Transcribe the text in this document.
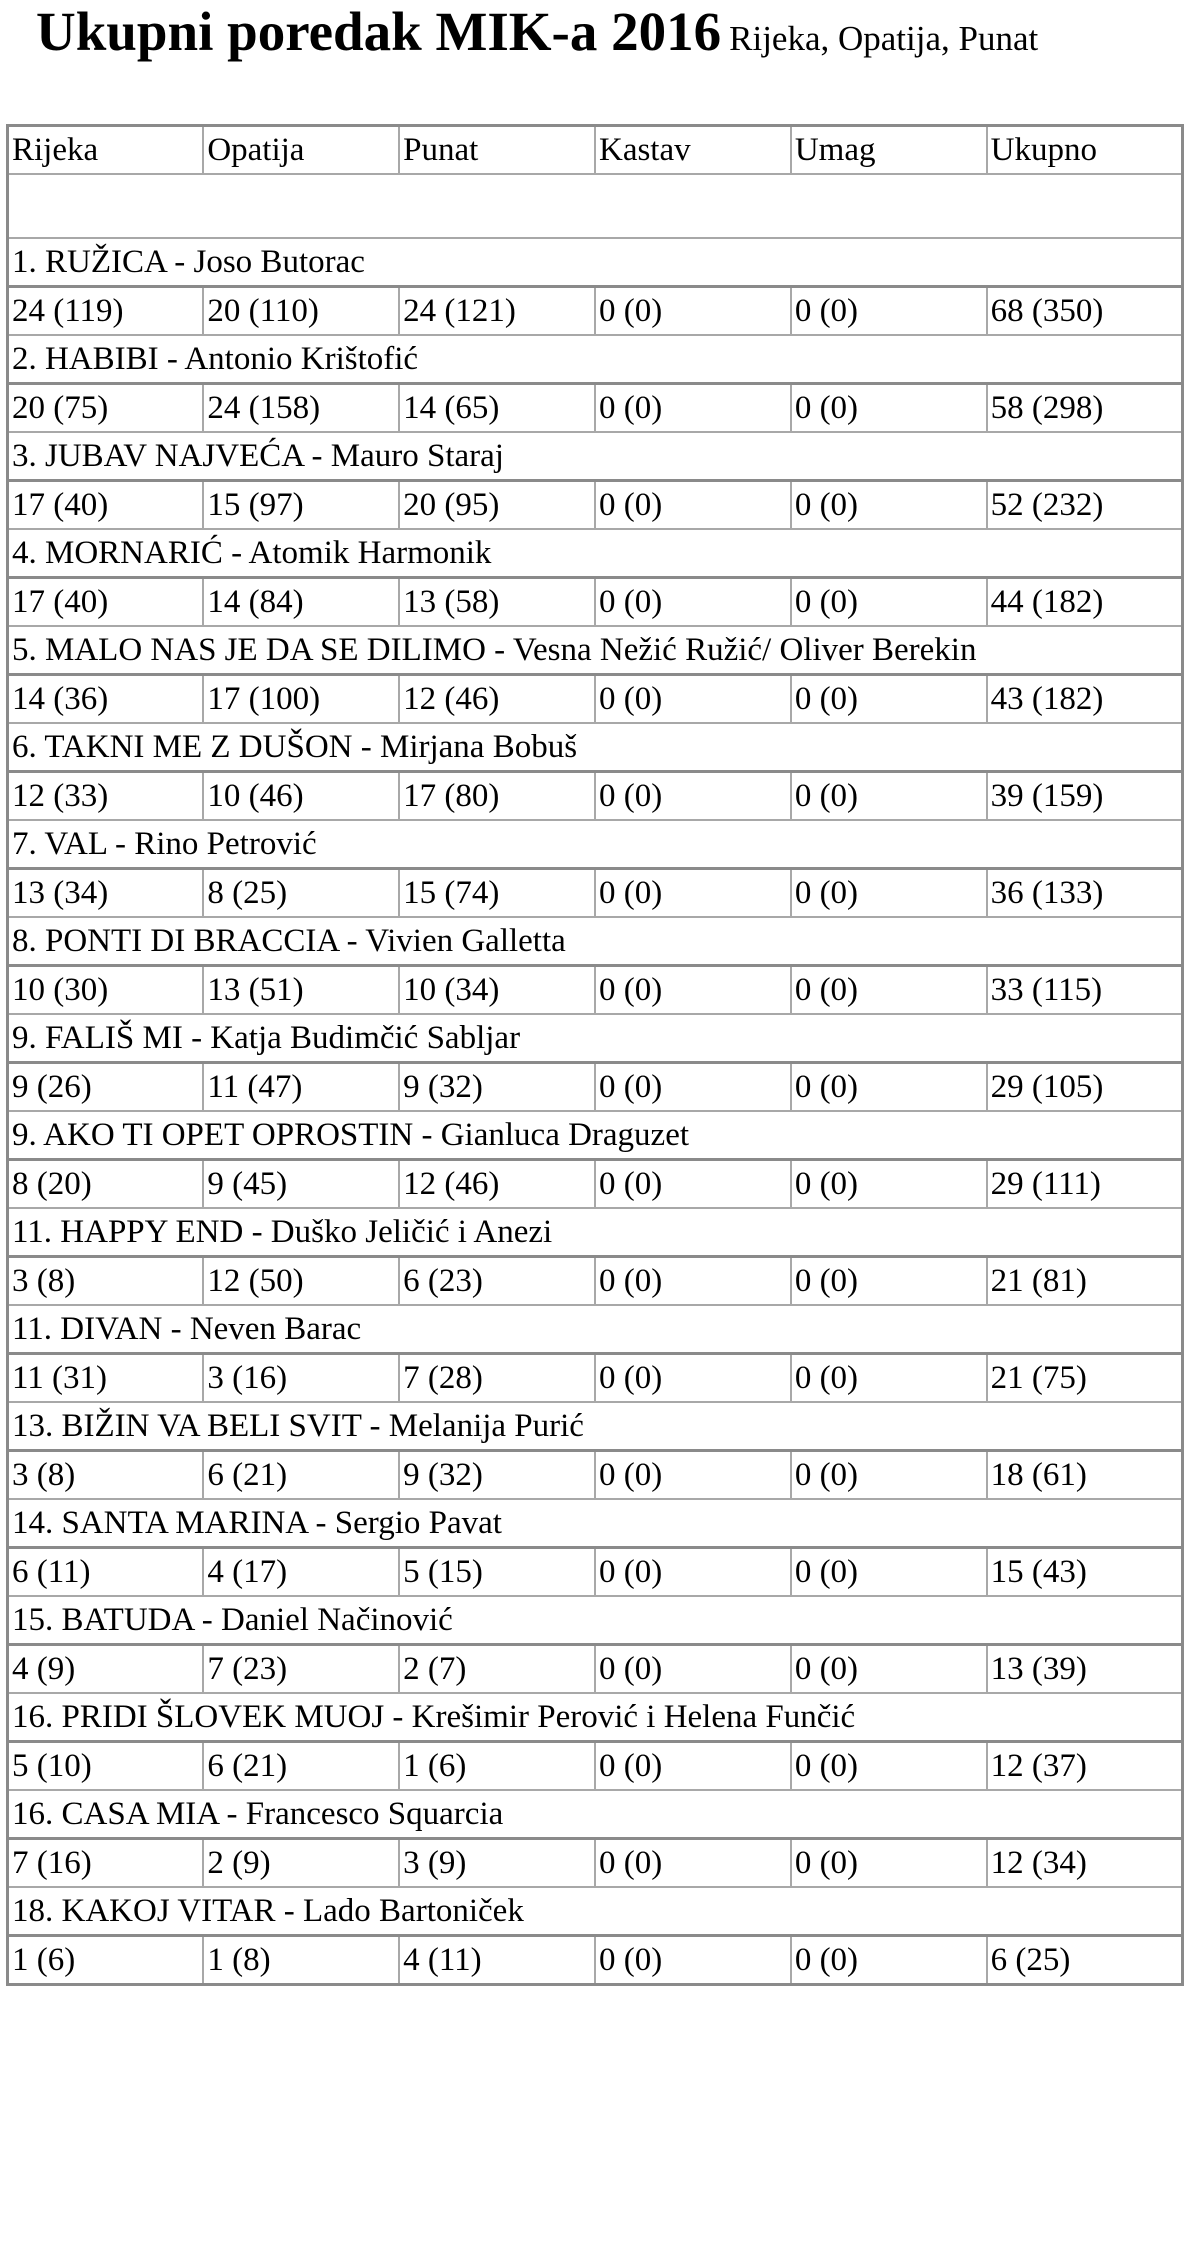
Ukupni poredak MIK-a 2016 Rijeka, Opatija, Punat
Rijeka	Opatija	Punat	Kastav	Umag	Ukupno

1. RUŽICA - Joso Butorac					
24 (119)	20 (110)	24 (121)	0 (0)	0 (0)	68 (350)
2. HABIBI - Antonio Krištofić					
20 (75)	24 (158)	14 (65)	0 (0)	0 (0)	58 (298)
3. JUBAV NAJVEĆA - Mauro Staraj					
17 (40)	15 (97)	20 (95)	0 (0)	0 (0)	52 (232)
4. MORNARIĆ - Atomik Harmonik					
17 (40)	14 (84)	13 (58)	0 (0)	0 (0)	44 (182)
5. MALO NAS JE DA SE DILIMO - Vesna Nežić Ružić/ Oliver Berekin					
14 (36)	17 (100)	12 (46)	0 (0)	0 (0)	43 (182)
6. TAKNI ME Z DUŠON - Mirjana Bobuš					
12 (33)	10 (46)	17 (80)	0 (0)	0 (0)	39 (159)
7. VAL - Rino Petrović					
13 (34)	8 (25)	15 (74)	0 (0)	0 (0)	36 (133)
8. PONTI DI BRACCIA - Vivien Galletta					
10 (30)	13 (51)	10 (34)	0 (0)	0 (0)	33 (115)
9. FALIŠ MI - Katja Budimčić Sabljar					
9 (26)	11 (47)	9 (32)	0 (0)	0 (0)	29 (105)
9. AKO TI OPET OPROSTIN - Gianluca Draguzet					
8 (20)	9 (45)	12 (46)	0 (0)	0 (0)	29 (111)
11. HAPPY END - Duško Jeličić i Anezi					
3 (8)	12 (50)	6 (23)	0 (0)	0 (0)	21 (81)
11. DIVAN - Neven Barac					
11 (31)	3 (16)	7 (28)	0 (0)	0 (0)	21 (75)
13. BIŽIN VA BELI SVIT - Melanija Purić					
3 (8)	6 (21)	9 (32)	0 (0)	0 (0)	18 (61)
14. SANTA MARINA - Sergio Pavat					
6 (11)	4 (17)	5 (15)	0 (0)	0 (0)	15 (43)
15. BATUDA - Daniel Načinović					
4 (9)	7 (23)	2 (7)	0 (0)	0 (0)	13 (39)
16. PRIDI ŠLOVEK MUOJ - Krešimir Perović i Helena Funčić					
5 (10)	6 (21)	1 (6)	0 (0)	0 (0)	12 (37)
16. CASA MIA - Francesco Squarcia					
7 (16)	2 (9)	3 (9)	0 (0)	0 (0)	12 (34)
18. KAKOJ VITAR - Lado Bartoniček					
1 (6)	1 (8)	4 (11)	0 (0)	0 (0)	6 (25)
